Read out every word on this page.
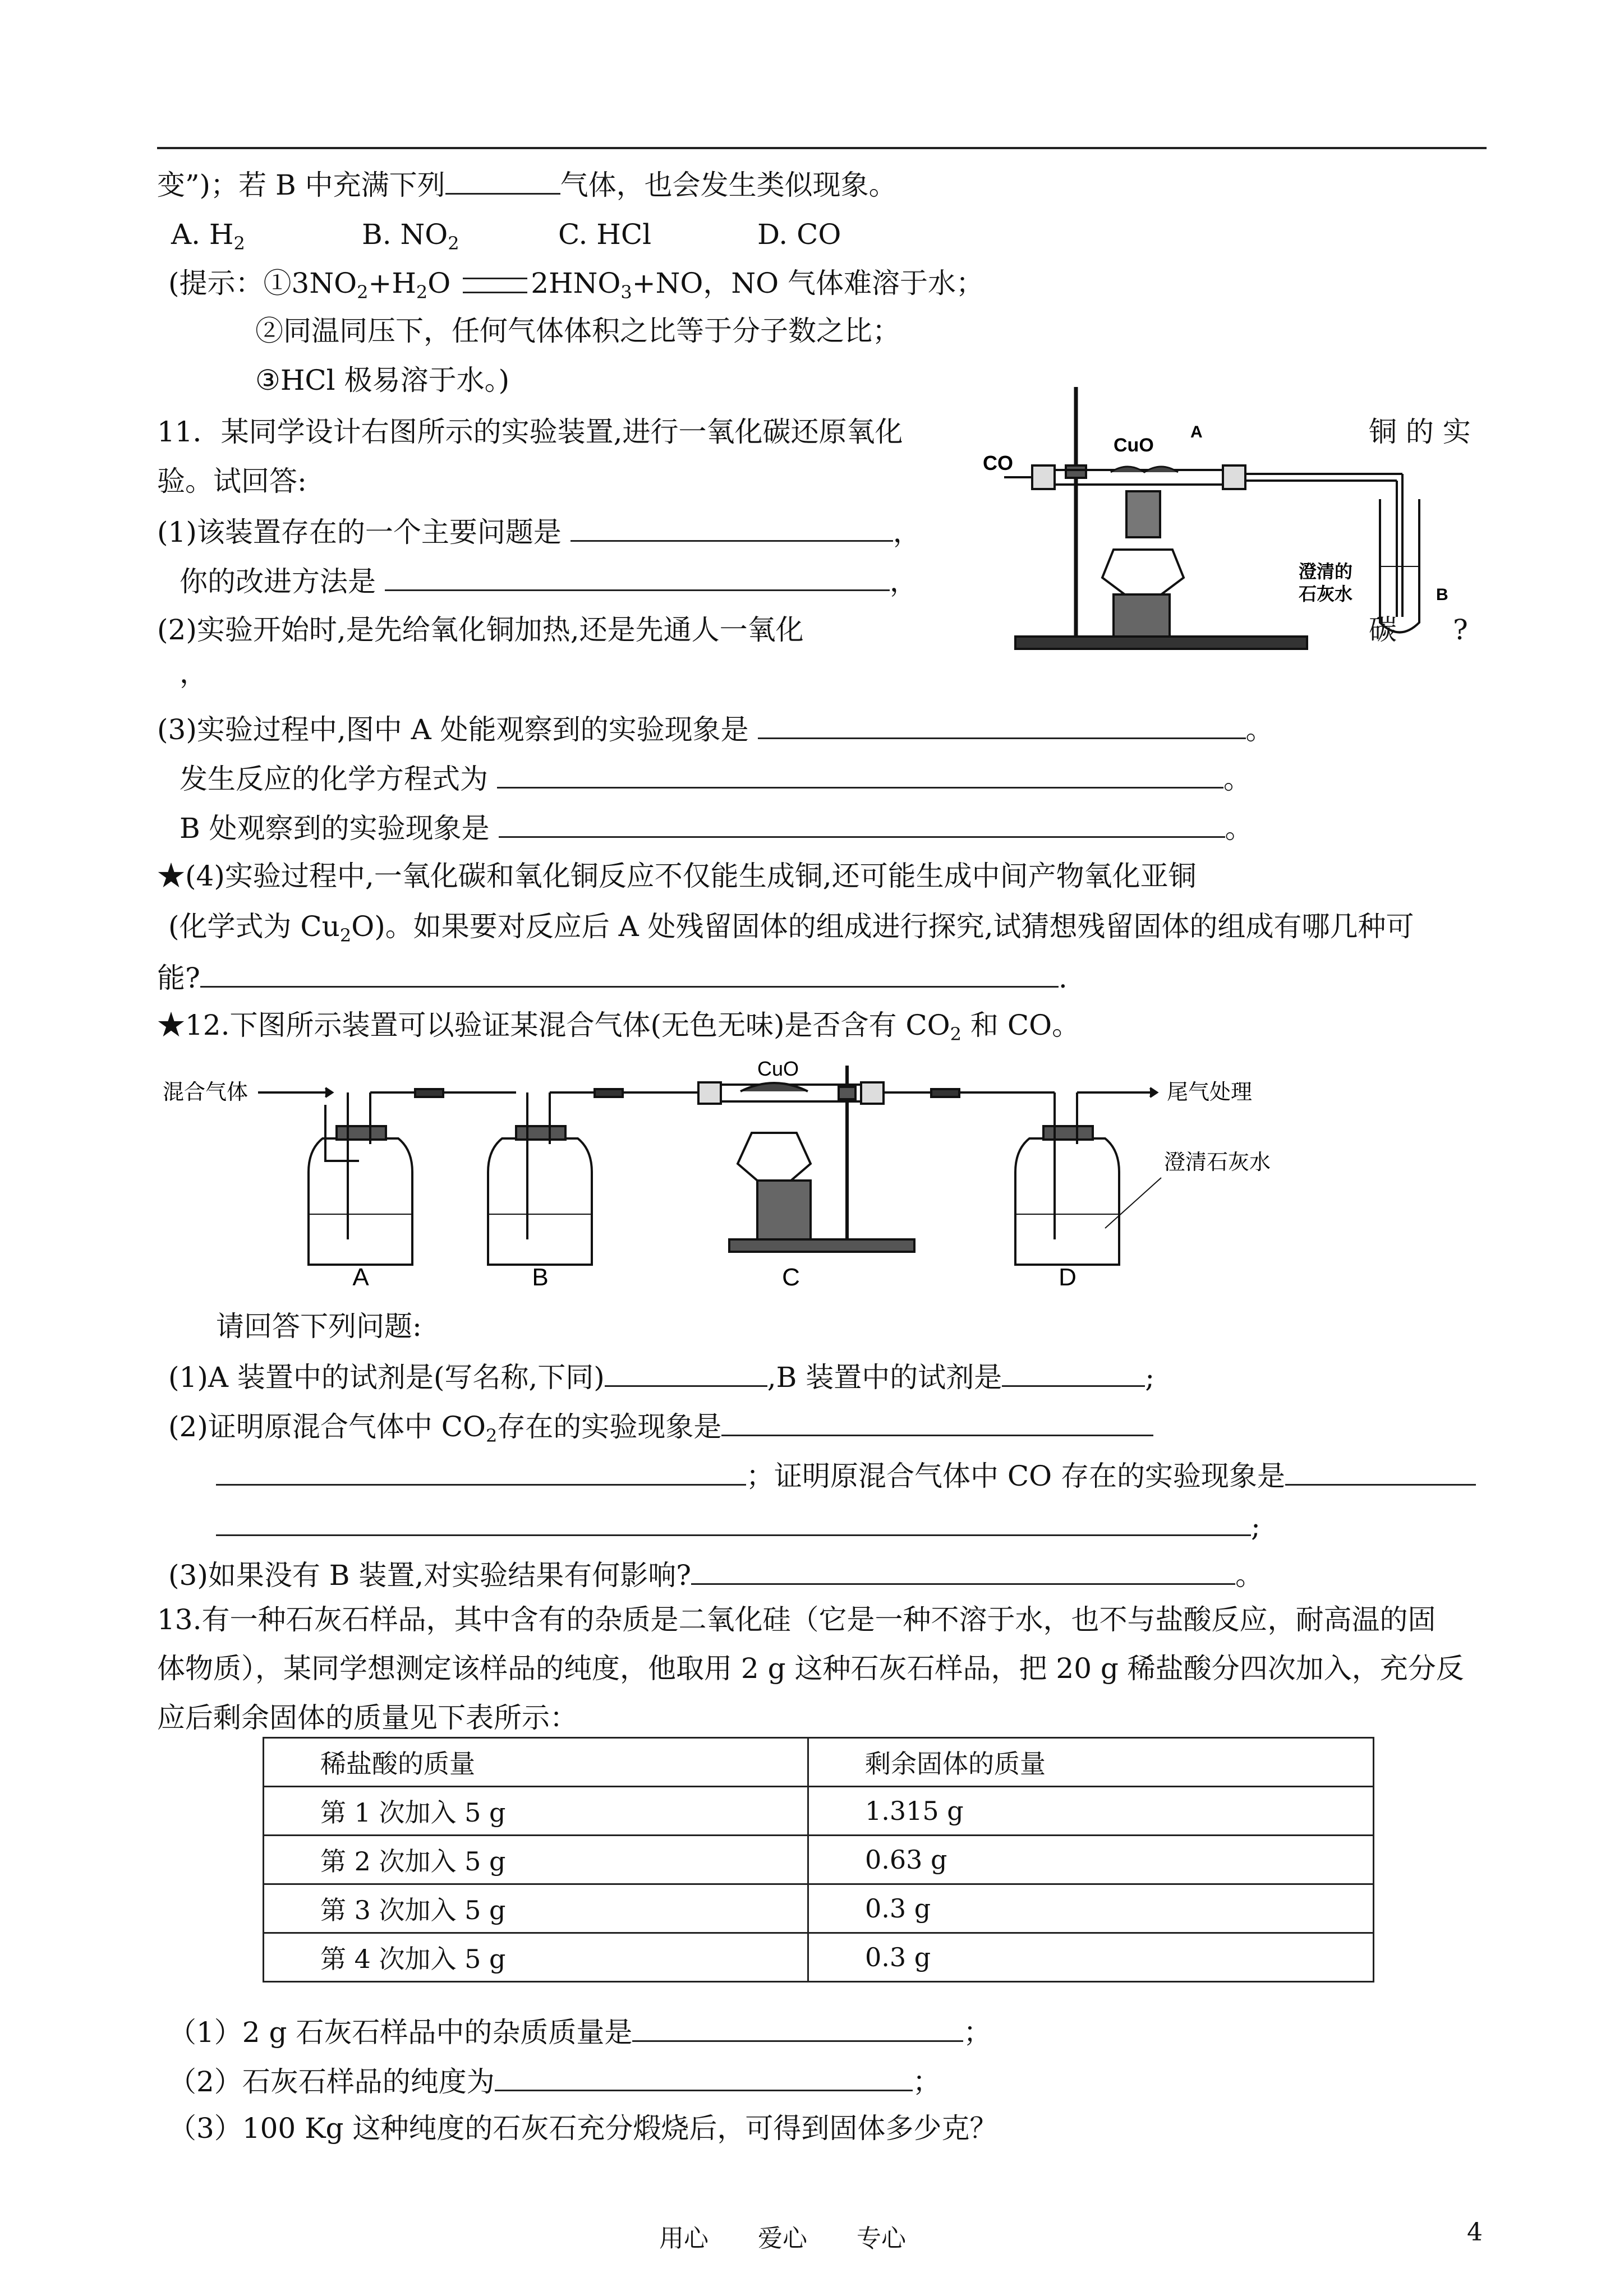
变”)；若 B 中充满下列	气体，也会发生类似现象。
A. $H_2$	B. $NO_2$	C. HCl	D. CO
(提示：$①3NO_2+H_2O$	$2HNO_3+NO$，NO 气体难溶于水；
②同温同压下，任何气体体积之比等于分子数之比；
③HCl 极易溶于水。)
11．某同学设计右图所示的实验装置,进行一氧化碳还原氧化	铜 的 实
验。试回答:
(1)该装置存在的一个主要问题是	，
你的改进方法是	，
(2)实验开始时,是先给氧化铜加热,还是先通人一氧化	碳　　?
，
(3)实验过程中,图中 A 处能观察到的实验现象是	。
发生反应的化学方程式为	。
B 处观察到的实验现象是	。
★(4)实验过程中,一氧化碳和氧化铜反应不仅能生成铜,还可能生成中间产物氧化亚铜
(化学式为 $Cu_2O$)。如果要对反应后 A 处残留固体的组成进行探究,试猜想残留固体的组成有哪几种可
能?	.
CO
CuO
A
澄清的
石灰水	B
★12.下图所示装置可以验证某混合气体(无色无味)是否含有 $CO_2$ 和 CO。
混合气体
CuO
尾气处理
澄清石灰水
A	B	C	D
请回答下列问题:
(1)A 装置中的试剂是(写名称,下同)	,B 装置中的试剂是	;
(2)证明原混合气体中 $CO_2$存在的实验现象是
；证明原混合气体中 CO 存在的实验现象是
;
(3)如果没有 B 装置,对实验结果有何影响?	。
13.有一种石灰石样品，其中含有的杂质是二氧化硅（它是一种不溶于水，也不与盐酸反应，耐高温的固
体物质），某同学想测定该样品的纯度，他取用 2 g 这种石灰石样品，把 20 g 稀盐酸分四次加入，充分反
应后剩余固体的质量见下表所示：
稀盐酸的质量	剩余固体的质量
第 1 次加入 5 g	1.315 g
第 2 次加入 5 g	0.63 g
第 3 次加入 5 g	0.3 g
第 4 次加入 5 g	0.3 g
（1）2 g 石灰石样品中的杂质质量是	；
（2）石灰石样品的纯度为	；
（3）100 Kg 这种纯度的石灰石充分煅烧后，可得到固体多少克？
用心　　爱心　　专心	4
